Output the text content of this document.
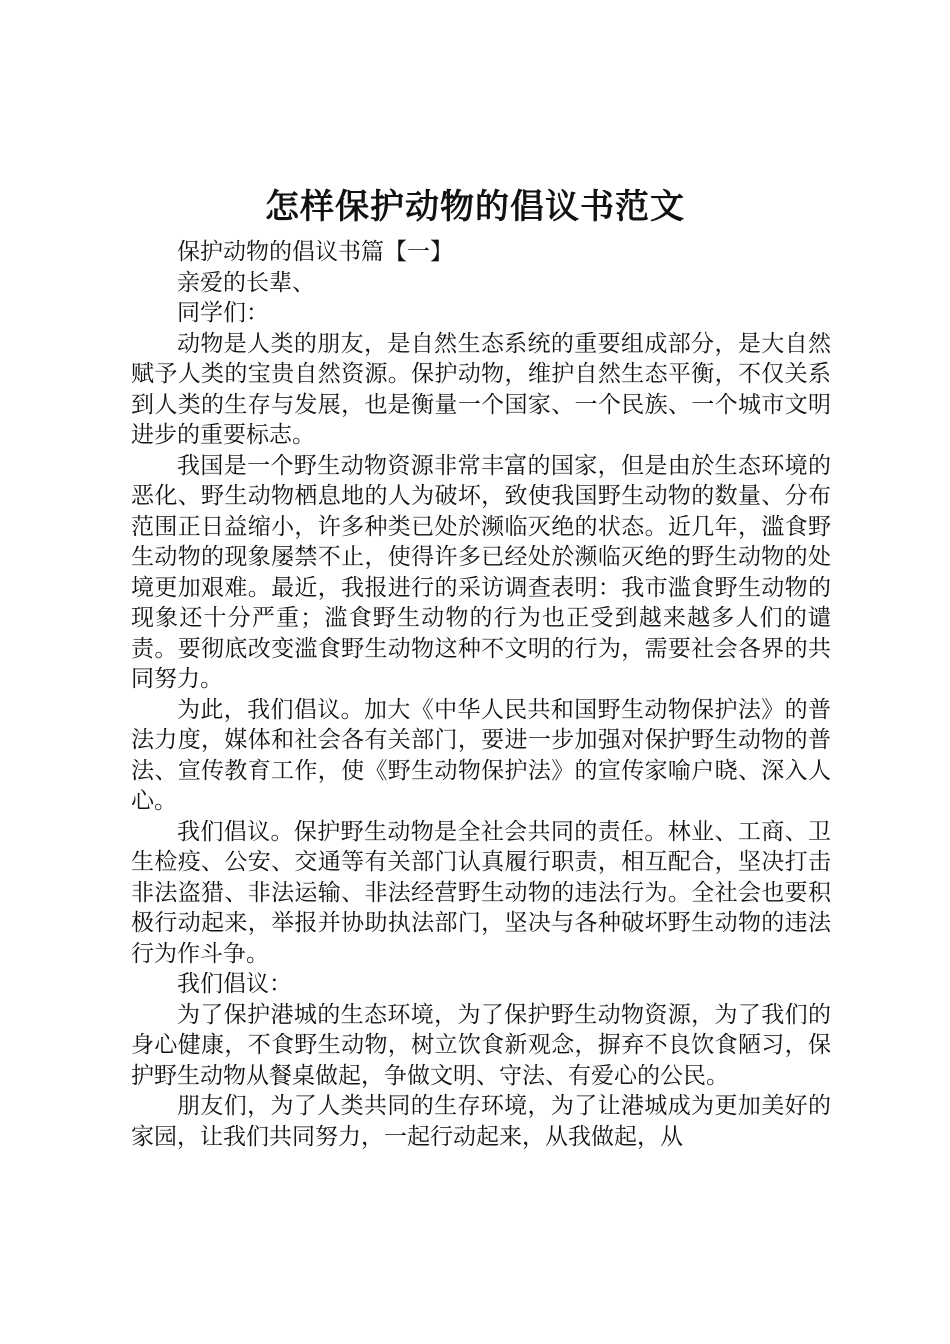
怎样保护动物的倡议书范文

保护动物的倡议书篇【一】

亲爱的长辈、

同学们：

动物是人类的朋友，是自然生态系统的重要组成部分，是大自然赋予人类的宝贵自然资源。保护动物，维护自然生态平衡，不仅关系到人类的生存与发展，也是衡量一个国家、一个民族、一个城市文明进步的重要标志。

我国是一个野生动物资源非常丰富的国家，但是由於生态环境的恶化、野生动物栖息地的人为破坏，致使我国野生动物的数量、分布范围正日益缩小，许多种类已处於濒临灭绝的状态。近几年，滥食野生动物的现象屡禁不止，使得许多已经处於濒临灭绝的野生动物的处境更加艰难。最近，我报进行的采访调查表明：我市滥食野生动物的现象还十分严重；滥食野生动物的行为也正受到越来越多人们的谴责。要彻底改变滥食野生动物这种不文明的行为，需要社会各界的共同努力。

为此，我们倡议。加大《中华人民共和国野生动物保护法》的普法力度，媒体和社会各有关部门，要进一步加强对保护野生动物的普法、宣传教育工作，使《野生动物保护法》的宣传家喻户晓、深入人心。

我们倡议。保护野生动物是全社会共同的责任。林业、工商、卫生检疫、公安、交通等有关部门认真履行职责，相互配合，坚决打击非法盗猎、非法运输、非法经营野生动物的违法行为。全社会也要积极行动起来，举报并协助执法部门，坚决与各种破坏野生动物的违法行为作斗争。

我们倡议：

为了保护港城的生态环境，为了保护野生动物资源，为了我们的身心健康，不食野生动物，树立饮食新观念，摒弃不良饮食陋习，保护野生动物从餐桌做起，争做文明、守法、有爱心的公民。

朋友们，为了人类共同的生存环境，为了让港城成为更加美好的家园，让我们共同努力，一起行动起来，从我做起，从
